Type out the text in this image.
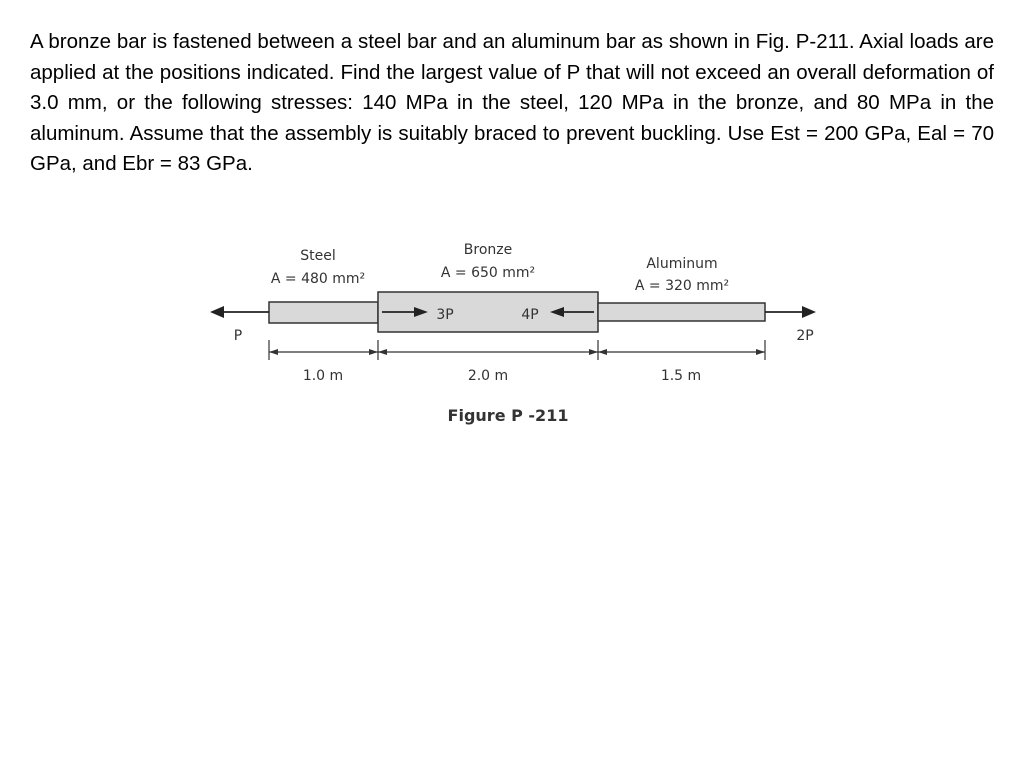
A bronze bar is fastened between a steel bar and an aluminum bar as shown in Fig. P-211. Axial loads are applied at the positions indicated. Find the largest value of P that will not exceed an overall deformation of 3.0 mm, or the following stresses: 140 MPa in the steel, 120 MPa in the bronze, and 80 MPa in the aluminum. Assume that the assembly is suitably braced to prevent buckling. Use Est = 200 GPa, Eal = 70 GPa, and Ebr = 83 GPa.

Steel
A = 480 mm²
Bronze
A = 650 mm²
Aluminum
A = 320 mm²
P	2P
3P	4P
1.0 m	2.0 m	1.5 m
Figure P -211
